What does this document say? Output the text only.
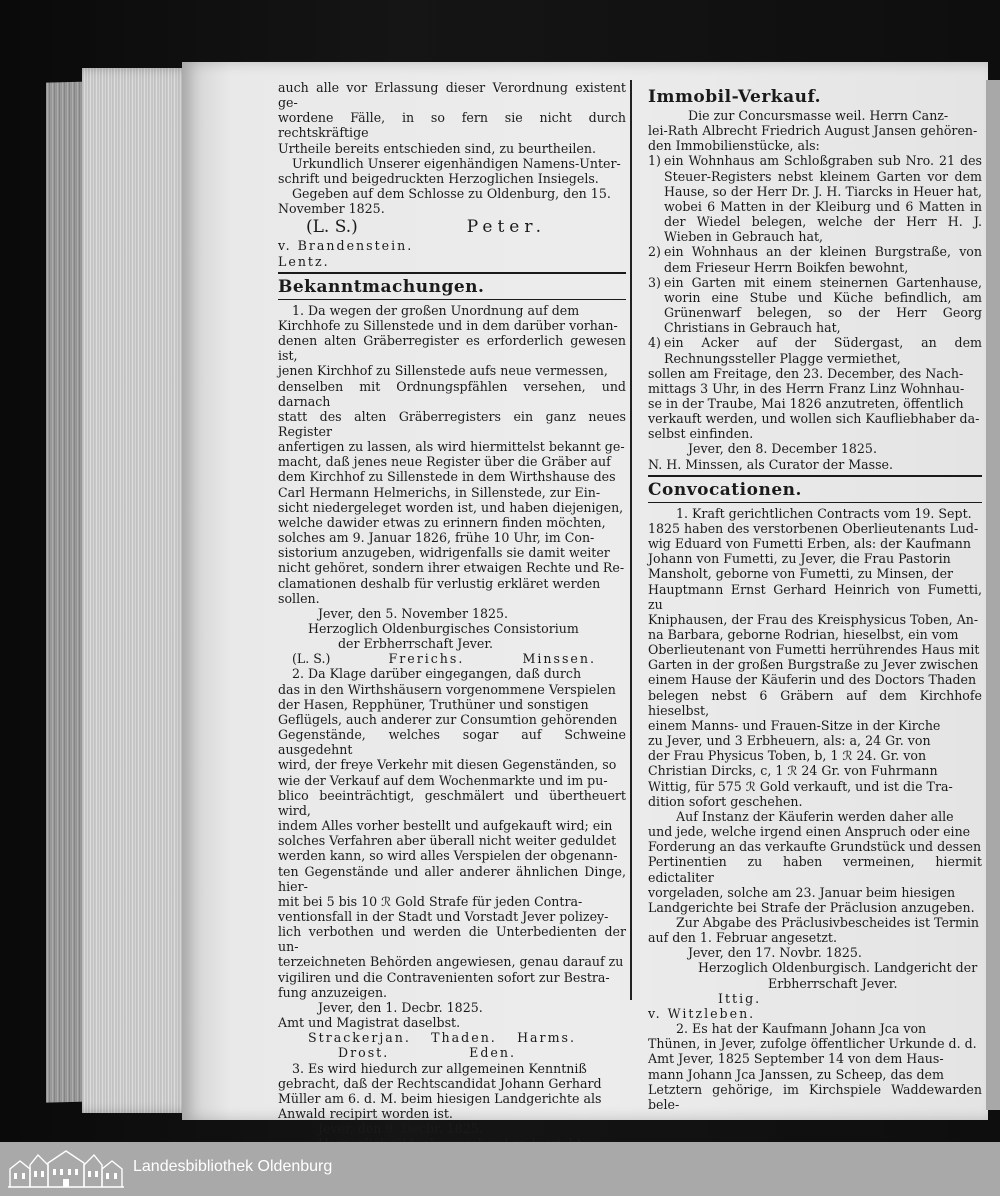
auch alle vor Erlassung dieser Verordnung existent ge-

wordene Fälle, in so fern sie nicht durch rechtskräftige

Urtheile bereits entschieden sind, zu beurtheilen.

Urkundlich Unserer eigenhändigen Namens-Unter-

schrift und beigedruckten Herzoglichen Insiegels.

Gegeben auf dem Schlosse zu Oldenburg, den 15.

November 1825.

(L. S.)	Peter.

v. Brandenstein.

Lentz.

Bekanntmachungen.

1. Da wegen der großen Unordnung auf dem

Kirchhofe zu Sillenstede und in dem darüber vorhan-

denen alten Gräberregister es erforderlich gewesen ist,

jenen Kirchhof zu Sillenstede aufs neue vermessen,

denselben mit Ordnungspfählen versehen, und darnach

statt des alten Gräberregisters ein ganz neues Register

anfertigen zu lassen, als wird hiermittelst bekannt ge-

macht, daß jenes neue Register über die Gräber auf

dem Kirchhof zu Sillenstede in dem Wirthshause des

Carl Hermann Helmerichs, in Sillenstede, zur Ein-

sicht niedergeleget worden ist, und haben diejenigen,

welche dawider etwas zu erinnern finden möchten,

solches am 9. Januar 1826, frühe 10 Uhr, im Con-

sistorium anzugeben, widrigenfalls sie damit weiter

nicht gehöret, sondern ihrer etwaigen Rechte und Re-

clamationen deshalb für verlustig erkläret werden

sollen.

Jever, den 5. November 1825.

Herzoglich Oldenburgisches Consistorium

der Erbherrschaft Jever.

(L. S.)	Frerichs.	Minssen.

2. Da Klage darüber eingegangen, daß durch

das in den Wirthshäusern vorgenommene Verspielen

der Hasen, Repphüner, Truthüner und sonstigen

Geflügels, auch anderer zur Consumtion gehörenden

Gegenstände, welches sogar auf Schweine ausgedehnt

wird, der freye Verkehr mit diesen Gegenständen, so

wie der Verkauf auf dem Wochenmarkte und im pu-

blico beeinträchtigt, geschmälert und übertheuert wird,

indem Alles vorher bestellt und aufgekauft wird; ein

solches Verfahren aber überall nicht weiter geduldet

werden kann, so wird alles Verspielen der obgenann-

ten Gegenstände und aller anderer ähnlichen Dinge, hier-

mit bei 5 bis 10 ℛ Gold Strafe für jeden Contra-

ventionsfall in der Stadt und Vorstadt Jever polizey-

lich verbothen und werden die Unterbedienten der un-

terzeichneten Behörden angewiesen, genau darauf zu

vigiliren und die Contravenienten sofort zur Bestra-

fung anzuzeigen.

Jever, den 1. Decbr. 1825.

Amt und Magistrat daselbst.

Strackerjan. Thaden. Harms.
Drost.	Eden.

3. Es wird hiedurch zur allgemeinen Kenntniß

gebracht, daß der Rechtscandidat Johann Gerhard

Müller am 6. d. M. beim hiesigen Landgerichte als

Anwald recipirt worden ist.

Jever, den 9. Decbr. 1825.

Immobil-Verkauf.

Die zur Concursmasse weil. Herrn Canz-

lei-Rath Albrecht Friedrich August Jansen gehören-

den Immobilienstücke, als:

1) ein Wohnhaus am Schloßgraben sub Nro. 21 des Steuer-Registers nebst kleinem Garten vor dem Hause, so der Herr Dr. J. H. Tiarcks in Heuer hat, wobei 6 Matten in der Kleiburg und 6 Matten in der Wiedel belegen, welche der Herr H. J. Wieben in Gebrauch hat,
2) ein Wohnhaus an der kleinen Burgstraße, von dem Friesеur Herrn Boikfen bewohnt,
3) ein Garten mit einem steinernen Gartenhause, worin eine Stube und Küche befindlich, am Grünenwarf belegen, so der Herr Georg Christians in Gebrauch hat,
4) ein Acker auf der Südergast, an dem Rechnungssteller Plagge vermiethet,

sollen am Freitage, den 23. December, des Nach-

mittags 3 Uhr, in des Herrn Franz Linz Wohnhau-

se in der Traube, Mai 1826 anzutreten, öffentlich

verkauft werden, und wollen sich Kaufliebhaber da-

selbst einfinden.

Jever, den 8. December 1825.

N. H. Minssen, als Curator der Masse.

Convocationen.

1. Kraft gerichtlichen Contracts vom 19. Sept.

1825 haben des verstorbenen Oberlieutenants Lud-

wig Eduard von Fumetti Erben, als: der Kaufmann

Johann von Fumetti, zu Jever, die Frau Pastorin

Mansholt, geborne von Fumetti, zu Minsen, der

Hauptmann Ernst Gerhard Heinrich von Fumetti, zu

Kniphausen, der Frau des Kreisphysicus Toben, An-

na Barbara, geborne Rodrian, hieselbst, ein vom

Oberlieutenant von Fumetti herrührendes Haus mit

Garten in der großen Burgstraße zu Jever zwischen

einem Hause der Käuferin und des Doctors Thaden

belegen nebst 6 Gräbern auf dem Kirchhofe hieselbst,

einem Manns- und Frauen-Sitze in der Kirche

zu Jever, und 3 Erbheuern, als: a, 24 Gr. von

der Frau Physicus Toben, b, 1 ℛ 24. Gr. von

Christian Dircks, c, 1 ℛ 24 Gr. von Fuhrmann

Wittig, für 575 ℛ Gold verkauft, und ist die Tra-

dition sofort geschehen.

Auf Instanz der Käuferin werden daher alle

und jede, welche irgend einen Anspruch oder eine

Forderung an das verkaufte Grundstück und dessen

Pertinentien zu haben vermeinen, hiermit edictaliter

vorgeladen, solche am 23. Januar beim hiesigen

Landgerichte bei Strafe der Präclusion anzugeben.

Zur Abgabe des Präclusivbescheides ist Termin

auf den 1. Februar angesetzt.

Jever, den 17. Novbr. 1825.

Herzoglich Oldenburgisch. Landgericht der

Erbherrschaft Jever.

Ittig.

v. Witzleben.

2. Es hat der Kaufmann Johann Jca von

Thünen, in Jever, zufolge öffentlicher Urkunde d. d.

Amt Jever, 1825 September 14 von dem Haus-

mann Johann Jca Janssen, zu Scheep, das dem

Letztern gehörige, im Kirchspiele Waddewarden bele-

Landesbibliothek Oldenburg
